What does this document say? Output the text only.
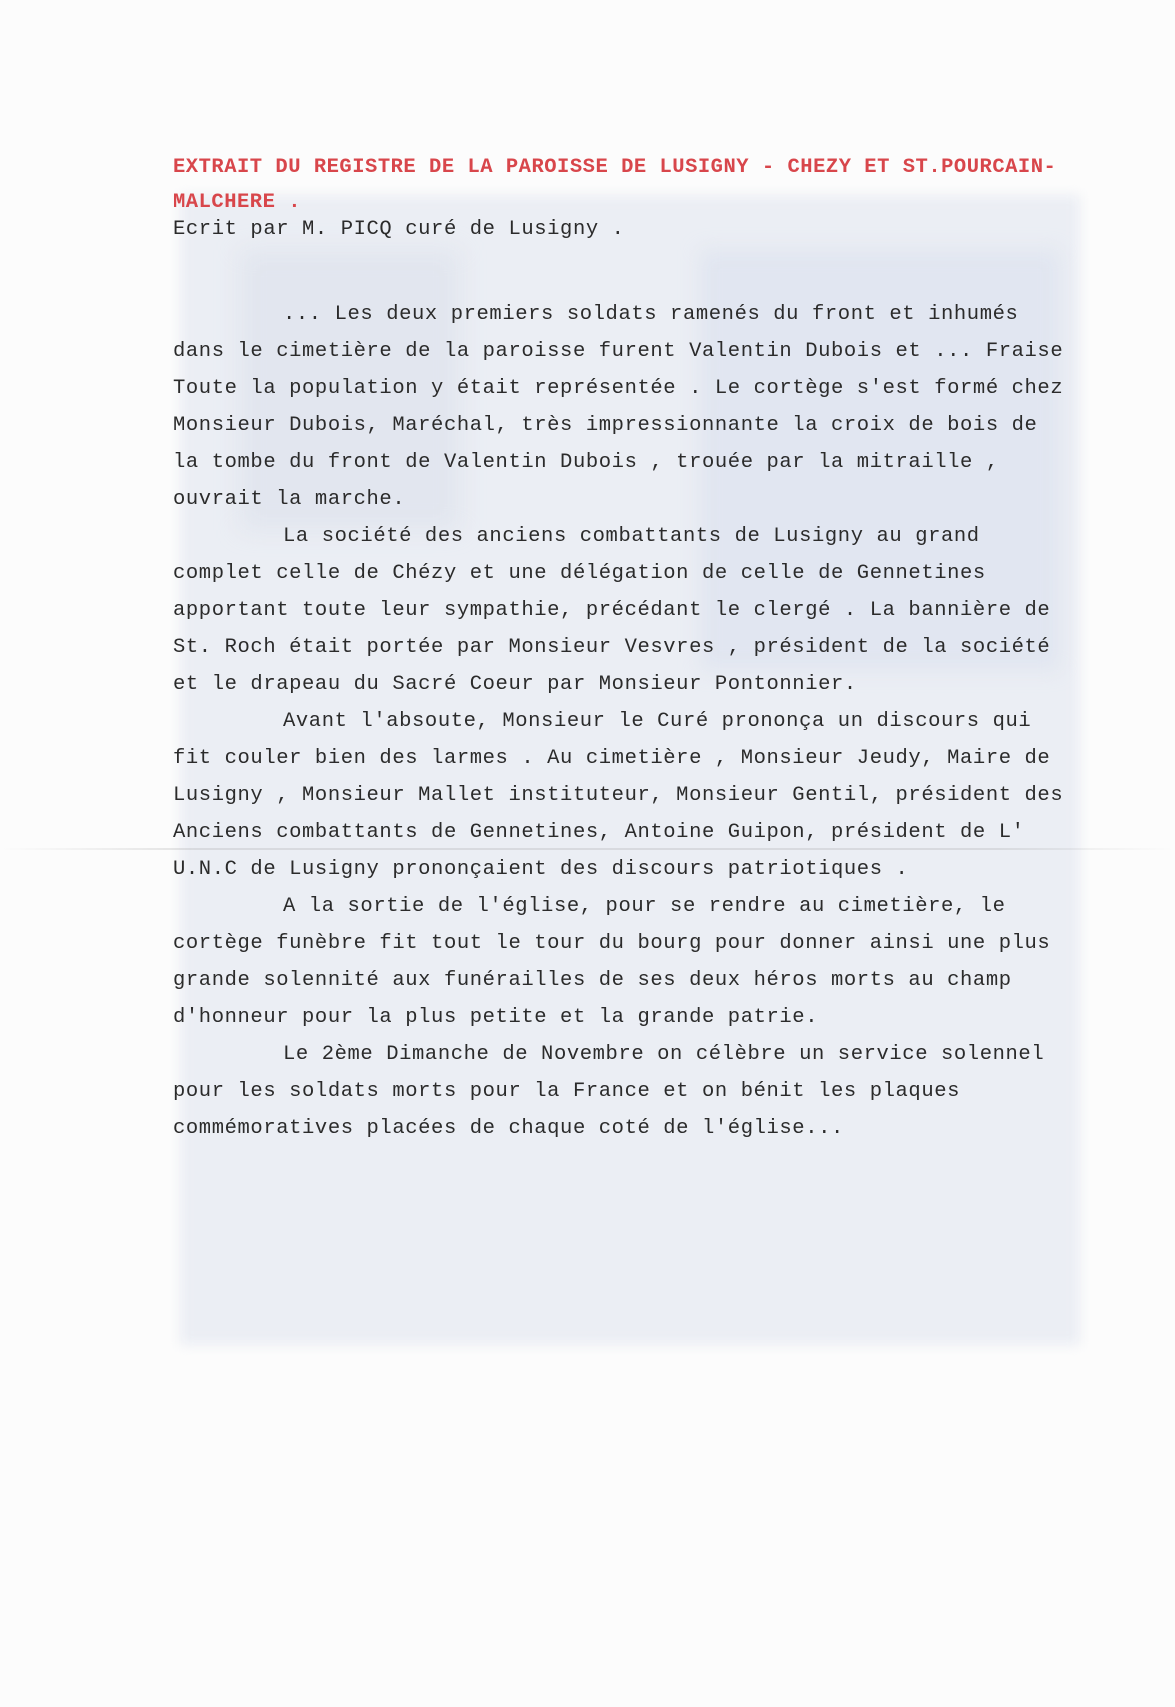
EXTRAIT DU REGISTRE DE LA PAROISSE DE LUSIGNY - CHEZY ET ST.POURCAIN-
MALCHERE .

Ecrit par M. PICQ curé de Lusigny .

... Les deux premiers soldats ramenés du front et inhumés dans le cimetière de la paroisse furent Valentin Dubois et ... Fraise Toute la population y était représentée . Le cortège s'est formé chez Monsieur Dubois, Maréchal, très impressionnante la croix de bois de la tombe du front de Valentin Dubois , trouée par la mitraille , ouvrait la marche.

La société des anciens combattants de Lusigny au grand complet celle de Chézy et une délégation de celle de Gennetines apportant toute leur sympathie, précédant le clergé . La bannière de St. Roch était portée par Monsieur Vesvres , président de la société et le drapeau du Sacré Coeur par Monsieur Pontonnier.

Avant l'absoute, Monsieur le Curé prononça un discours qui fit couler bien des larmes . Au cimetière , Monsieur Jeudy, Maire de Lusigny , Monsieur Mallet instituteur, Monsieur Gentil, président des Anciens combattants de Gennetines, Antoine Guipon, président de L' U.N.C de Lusigny prononçaient des discours patriotiques .

A la sortie de l'église, pour se rendre au cimetière, le cortège funèbre fit tout le tour du bourg pour donner ainsi une plus grande solennité aux funérailles de ses deux héros morts au champ d'honneur pour la plus petite et la grande patrie.

Le 2ème Dimanche de Novembre on célèbre un service solennel pour les soldats morts pour la France et on bénit les plaques commémoratives placées de chaque coté de l'église...
